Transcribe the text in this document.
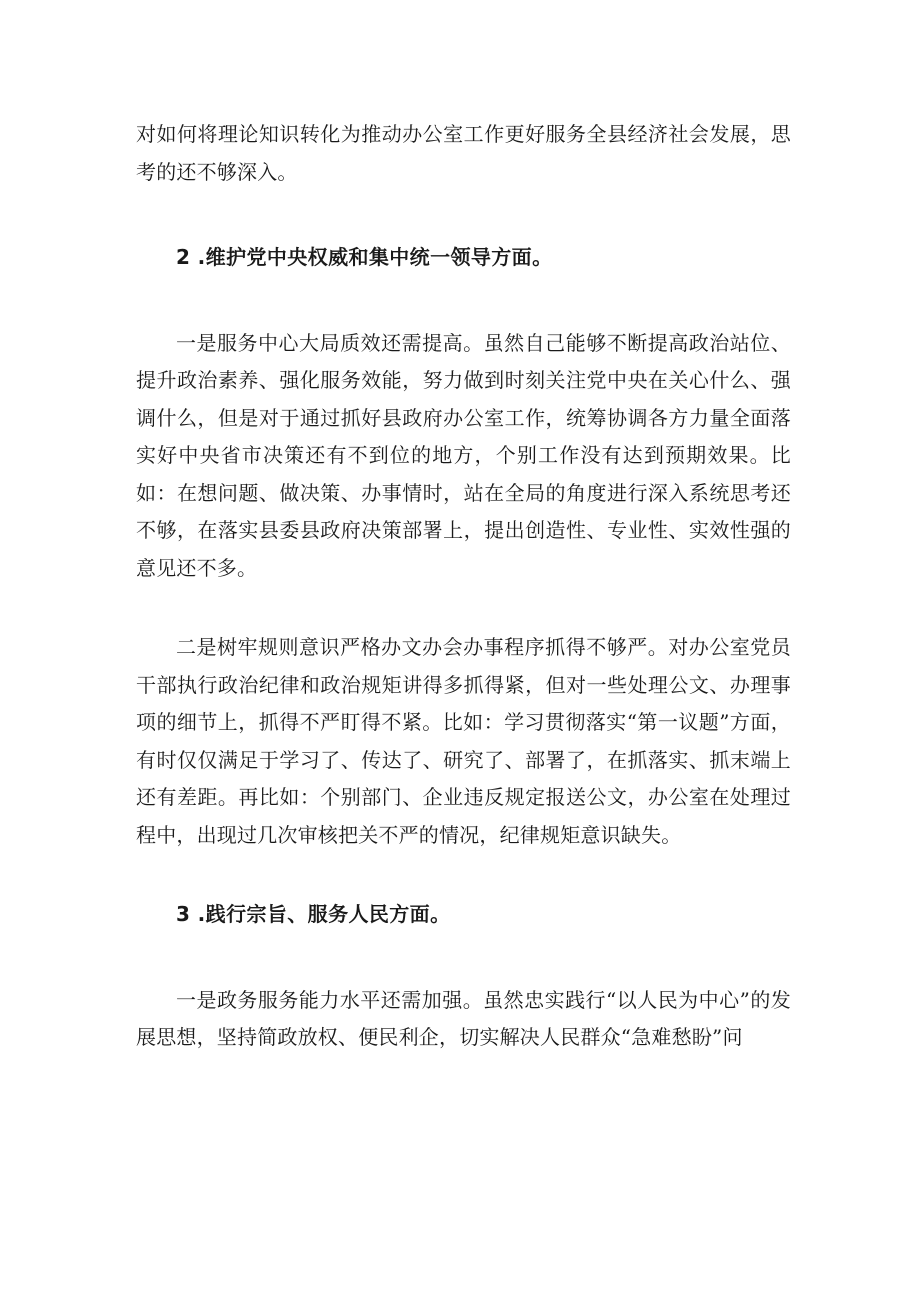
对如何将理论知识转化为推动办公室工作更好服务全县经济社会发展，思考的还不够深入。

2 .维护党中央权威和集中统一领导方面。

一是服务中心大局质效还需提高。虽然自己能够不断提高政治站位、提升政治素养、强化服务效能，努力做到时刻关注党中央在关心什么、强调什么，但是对于通过抓好县政府办公室工作，统筹协调各方力量全面落实好中央省市决策还有不到位的地方，个别工作没有达到预期效果。比如：在想问题、做决策、办事情时，站在全局的角度进行深入系统思考还不够，在落实县委县政府决策部署上，提出创造性、专业性、实效性强的意见还不多。

二是树牢规则意识严格办文办会办事程序抓得不够严。对办公室党员干部执行政治纪律和政治规矩讲得多抓得紧，但对一些处理公文、办理事项的细节上，抓得不严盯得不紧。比如：学习贯彻落实“第一议题”方面，有时仅仅满足于学习了、传达了、研究了、部署了，在抓落实、抓末端上还有差距。再比如：个别部门、企业违反规定报送公文，办公室在处理过程中，出现过几次审核把关不严的情况，纪律规矩意识缺失。

3 .践行宗旨、服务人民方面。

一是政务服务能力水平还需加强。虽然忠实践行“以人民为中心”的发展思想，坚持简政放权、便民利企，切实解决人民群众“急难愁盼”问
